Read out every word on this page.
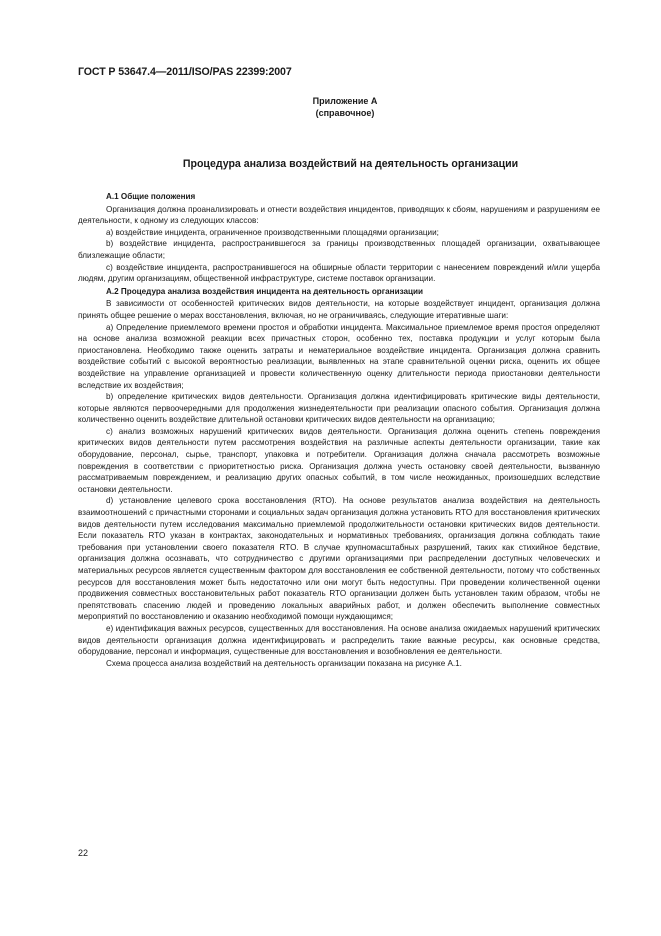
ГОСТ Р 53647.4—2011/ISO/PAS 22399:2007
Приложение А
(справочное)
Процедура анализа воздействий на деятельность организации

А.1 Общие положения

Организация должна проанализировать и отнести воздействия инцидентов, приводящих к сбоям, нарушениям и разрушениям ее деятельности, к одному из следующих классов:

a) воздействие инцидента, ограниченное производственными площадями организации;

b) воздействие инцидента, распространившегося за границы производственных площадей организации, охватывающее близлежащие области;

c) воздействие инцидента, распространившегося на обширные области территории с нанесением повреждений и/или ущерба людям, другим организациям, общественной инфраструктуре, системе поставок организации.

А.2 Процедура анализа воздействия инцидента на деятельность организации

В зависимости от особенностей критических видов деятельности, на которые воздействует инцидент, организация должна принять общее решение о мерах восстановления, включая, но не ограничиваясь, следующие итеративные шаги:

a) Определение приемлемого времени простоя и обработки инцидента. Максимальное приемлемое время простоя определяют на основе анализа возможной реакции всех причастных сторон, особенно тех, поставка продукции и услуг которым была приостановлена. Необходимо также оценить затраты и нематериальное воздействие инцидента. Организация должна сравнить воздействие событий с высокой вероятностью реализации, выявленных на этапе сравнительной оценки риска, оценить их общее воздействие на управление организацией и провести количественную оценку длительности периода приостановки деятельности вследствие их воздействия;

b) определение критических видов деятельности. Организация должна идентифицировать критические виды деятельности, которые являются первоочередными для продолжения жизнедеятельности при реализации опасного события. Организация должна количественно оценить воздействие длительной остановки критических видов деятельности на организацию;

c) анализ возможных нарушений критических видов деятельности. Организация должна оценить степень повреждения критических видов деятельности путем рассмотрения воздействия на различные аспекты деятельности организации, такие как оборудование, персонал, сырье, транспорт, упаковка и потребители. Организация должна сначала рассмотреть возможные повреждения в соответствии с приоритетностью риска. Организация должна учесть остановку своей деятельности, вызванную рассматриваемым повреждением, и реализацию других опасных событий, в том числе неожиданных, произошедших вследствие остановки деятельности.

d) установление целевого срока восстановления (RTO). На основе результатов анализа воздействия на деятельность взаимоотношений с причастными сторонами и социальных задач организация должна установить RTO для восстановления критических видов деятельности путем исследования максимально приемлемой продолжительности остановки критических видов деятельности. Если показатель RTO указан в контрактах, законодательных и нормативных требованиях, организация должна соблюдать такие требования при установлении своего показателя RTO. В случае крупномасштабных разрушений, таких как стихийное бедствие, организация должна осознавать, что сотрудничество с другими организациями при распределении доступных человеческих и материальных ресурсов является существенным фактором для восстановления ее собственной деятельности, потому что собственных ресурсов для восстановления может быть недостаточно или они могут быть недоступны. При проведении количественной оценки продвижения совместных восстановительных работ показатель RTO организации должен быть установлен таким образом, чтобы не препятствовать спасению людей и проведению локальных аварийных работ, и должен обеспечить выполнение совместных мероприятий по восстановлению и оказанию необходимой помощи нуждающимся;

e) идентификация важных ресурсов, существенных для восстановления. На основе анализа ожидаемых нарушений критических видов деятельности организация должна идентифицировать и распределить такие важные ресурсы, как основные средства, оборудование, персонал и информация, существенные для восстановления и возобновления ее деятельности.

Схема процесса анализа воздействий на деятельность организации показана на рисунке А.1.

22
